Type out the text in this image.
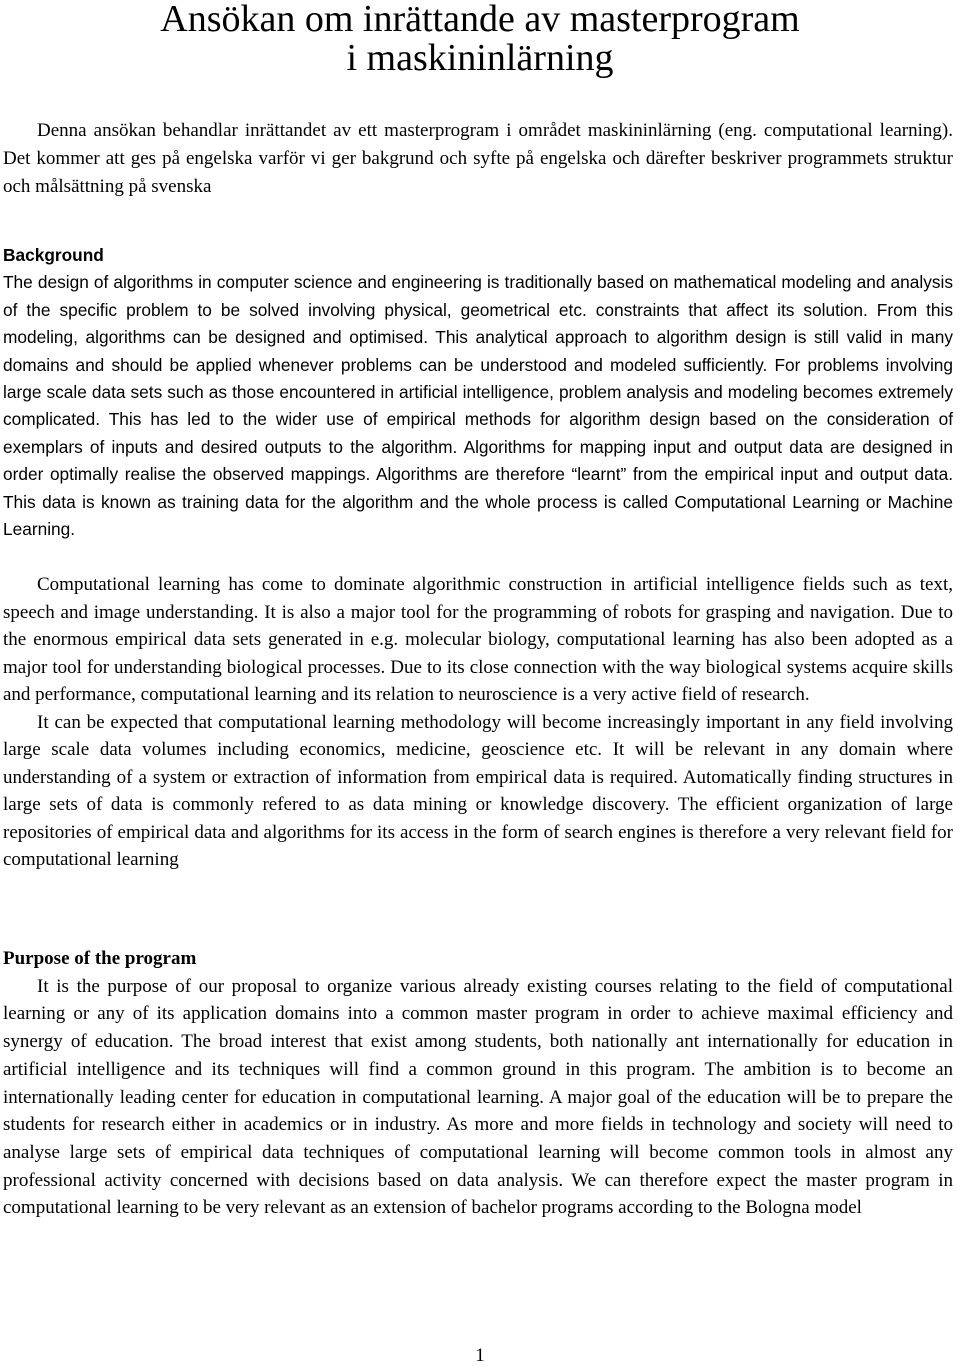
Ansökan om inrättande av masterprogram
i maskininlärning

Denna ansökan behandlar inrättandet av ett masterprogram i området maskininlärning (eng. computational learning). Det kommer att ges på engelska varför vi ger bakgrund och syfte på engelska och därefter beskriver programmets struktur och målsättning på svenska

Background

The design of algorithms in computer science and engineering is traditionally based on mathematical modeling and analysis of the specific problem to be solved involving physical, geometrical etc. constraints that affect its solution. From this modeling, algorithms can be designed and optimised. This analytical approach to algorithm design is still valid in many domains and should be applied whenever problems can be understood and modeled sufficiently. For problems involving large scale data sets such as those encountered in artificial intelligence, problem analysis and modeling becomes extremely complicated. This has led to the wider use of empirical methods for algorithm design based on the consideration of exemplars of inputs and desired outputs to the algorithm. Algorithms for mapping input and output data are designed in order optimally realise the observed mappings. Algorithms are therefore “learnt” from the empirical input and output data. This data is known as training data for the algorithm and the whole process is called Computational Learning or Machine Learning.

Computational learning has come to dominate algorithmic construction in artificial intelligence fields such as text, speech and image understanding. It is also a major tool for the programming of robots for grasping and navigation. Due to the enormous empirical data sets generated in e.g. molecular biology, computational learning has also been adopted as a major tool for understanding biological processes. Due to its close connection with the way biological systems acquire skills and performance, computational learning and its relation to neuroscience is a very active field of research.

It can be expected that computational learning methodology will become increasingly important in any field involving large scale data volumes including economics, medicine, geoscience etc. It will be relevant in any domain where understanding of a system or extraction of information from empirical data is required. Automatically finding structures in large sets of data is commonly refered to as data mining or knowledge discovery. The efficient organization of large repositories of empirical data and algorithms for its access in the form of search engines is therefore a very relevant field for computational learning

Purpose of the program

It is the purpose of our proposal to organize various already existing courses relating to the field of computational learning or any of its application domains into a common master program in order to achieve maximal efficiency and synergy of education. The broad interest that exist among students, both nationally ant internationally for education in artificial intelligence and its techniques will find a common ground in this program. The ambition is to become an internationally leading center for education in computational learning. A major goal of the education will be to prepare the students for research either in academics or in industry. As more and more fields in technology and society will need to analyse large sets of empirical data techniques of computational learning will become common tools in almost any professional activity concerned with decisions based on data analysis. We can therefore expect the master program in computational learning to be very relevant as an extension of bachelor programs according to the Bologna model

1
